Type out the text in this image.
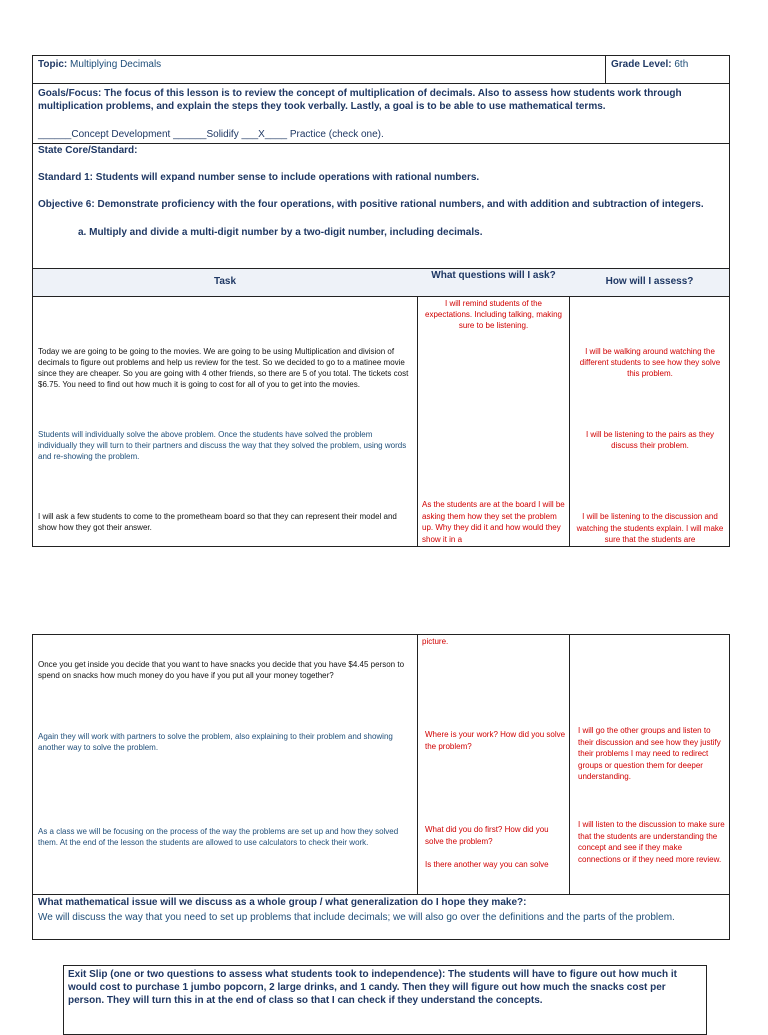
Topic: Multiplying Decimals	Grade Level: 6th
Goals/Focus: The focus of this lesson is to review the concept of multiplication of decimals. Also to assess how students work through multiplication problems, and explain the steps they took verbally. Lastly, a goal is to be able to use mathematical terms.
______Concept Development ______Solidify ___X____ Practice (check one).
State Core/Standard:
Standard 1: Students will expand number sense to include operations with rational numbers.
Objective 6: Demonstrate proficiency with the four operations, with positive rational numbers, and with addition and subtraction of integers.
a. Multiply and divide a multi-digit number by a two-digit number, including decimals.
Task
What questions will I ask?
How will I assess?
I will remind students of the expectations. Including talking, making sure to be listening.
Today we are going to be going to the movies. We are going to be using Multiplication and division of decimals to figure out problems and help us review for the test. So we decided to go to a matinee movie since they are cheaper. So you are going with 4 other friends, so there are 5 of you total. The tickets cost $6.75. You need to find out how much it is going to cost for all of you to get into the movies.
I will be walking around watching the different students to see how they solve this problem.
Students will individually solve the above problem. Once the students have solved the problem individually they will turn to their partners and discuss the way that they solved the problem, using words and re-showing the problem.
I will be listening to the pairs as they discuss their problem.
I will ask a few students to come to the prometheam board so that they can represent their model and show how they got their answer.
As the students are at the board I will be asking them how they set the problem up. Why they did it and how would they show it in a
I will be listening to the discussion and watching the students explain. I will make sure that the students are
picture.
Once you get inside you decide that you want to have snacks you decide that you have $4.45 person to spend on snacks how much money do you have if you put all your money together?
Again they will work with partners to solve the problem, also explaining to their problem and showing another way to solve the problem.
Where is your work? How did you solve the problem?
I will go the other groups and listen to their discussion and see how they justify their problems I may need to redirect groups or question them for deeper understanding.
As a class we will be focusing on the process of the way the problems are set up and how they solved them. At the end of the lesson the students are allowed to use calculators to check their work.
What did you do first? How did you solve the problem?
Is there another way you can solve
I will listen to the discussion to make sure that the students are understanding the concept and see if they make connections or if they need more review.
What mathematical issue will we discuss as a whole group / what generalization do I hope they make?:
We will discuss the way that you need to set up problems that include decimals; we will also go over the definitions and the parts of the problem.
Exit Slip (one or two questions to assess what students took to independence): The students will have to figure out how much it would cost to purchase 1 jumbo popcorn, 2 large drinks, and 1 candy. Then they will figure out how much the snacks cost per person. They will turn this in at the end of class so that I can check if they understand the concepts.
